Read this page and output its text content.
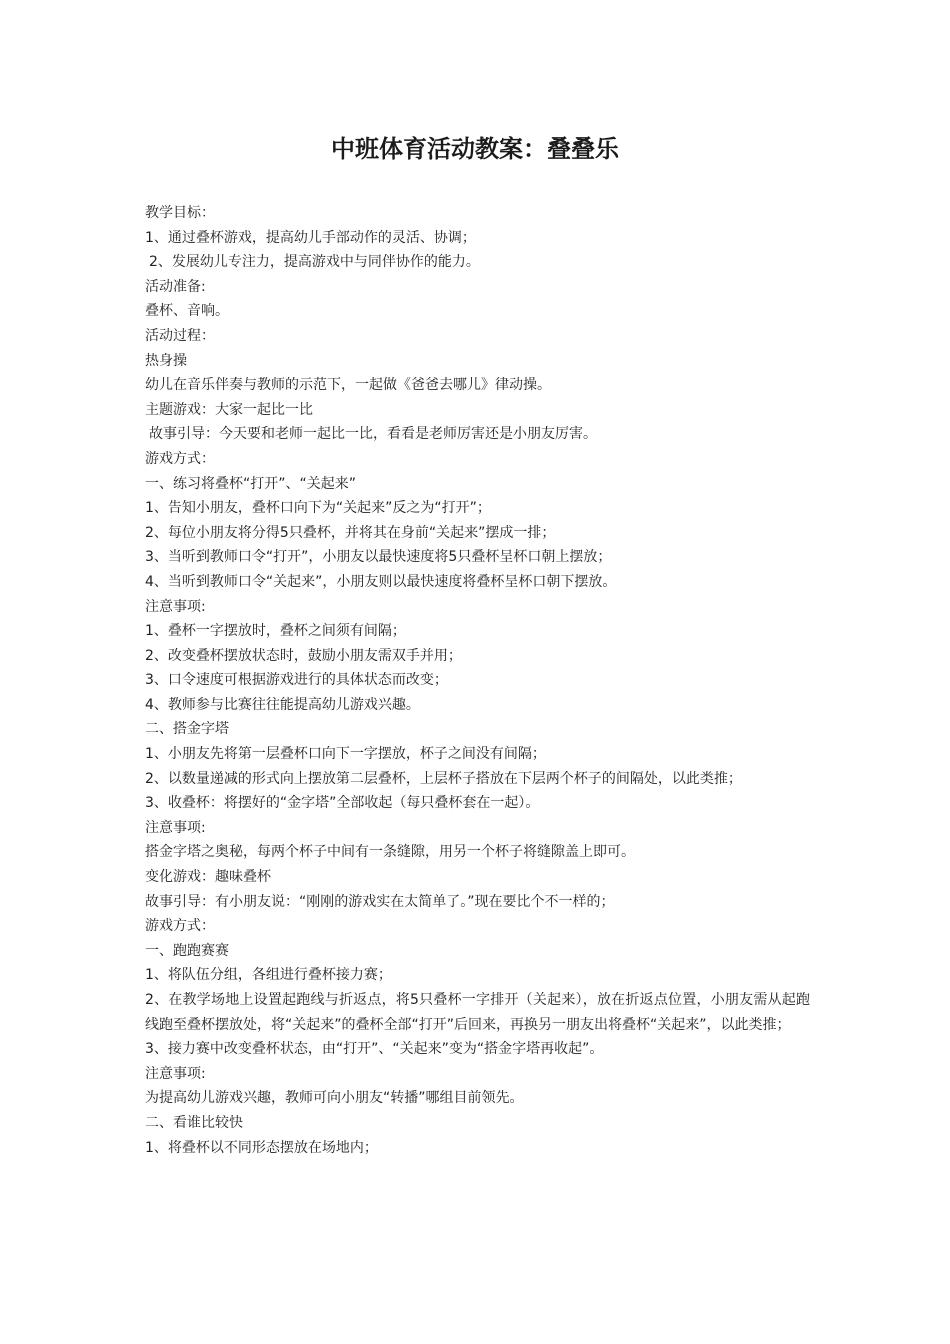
中班体育活动教案：叠叠乐

教学目标：

1、通过叠杯游戏，提高幼儿手部动作的灵活、协调；

2、发展幼儿专注力，提高游戏中与同伴协作的能力。

活动准备:

叠杯、音响。

活动过程：

热身操

幼儿在音乐伴奏与教师的示范下，一起做《爸爸去哪儿》律动操。

主题游戏：大家一起比一比

故事引导：今天要和老师一起比一比，看看是老师厉害还是小朋友厉害。

游戏方式：

一、练习将叠杯“打开”、“关起来”

1、告知小朋友，叠杯口向下为“关起来”反之为“打开”；

2、每位小朋友将分得5只叠杯，并将其在身前“关起来”摆成一排；

3、当听到教师口令“打开”，小朋友以最快速度将5只叠杯呈杯口朝上摆放；

4、当听到教师口令“关起来”，小朋友则以最快速度将叠杯呈杯口朝下摆放。

注意事项:

1、叠杯一字摆放时，叠杯之间须有间隔；

2、改变叠杯摆放状态时，鼓励小朋友需双手并用；

3、口令速度可根据游戏进行的具体状态而改变；

4、教师参与比赛往往能提高幼儿游戏兴趣。

二、搭金字塔

1、小朋友先将第一层叠杯口向下一字摆放，杯子之间没有间隔；

2、以数量递减的形式向上摆放第二层叠杯，上层杯子搭放在下层两个杯子的间隔处，以此类推；

3、收叠杯：将摆好的“金字塔”全部收起（每只叠杯套在一起）。

注意事项:

搭金字塔之奥秘，每两个杯子中间有一条缝隙，用另一个杯子将缝隙盖上即可。

变化游戏：趣味叠杯

故事引导：有小朋友说：“刚刚的游戏实在太简单了。”现在要比个不一样的；

游戏方式：

一、跑跑赛赛

1、将队伍分组，各组进行叠杯接力赛；

2、在教学场地上设置起跑线与折返点，将5只叠杯一字排开（关起来），放在折返点位置，小朋友需从起跑线跑至叠杯摆放处，将“关起来”的叠杯全部“打开”后回来，再换另一朋友出将叠杯“关起来”，以此类推；

3、接力赛中改变叠杯状态，由“打开”、“关起来”变为“搭金字塔再收起”。

注意事项:

为提高幼儿游戏兴趣，教师可向小朋友“转播”哪组目前领先。

二、看谁比较快

1、将叠杯以不同形态摆放在场地内；
